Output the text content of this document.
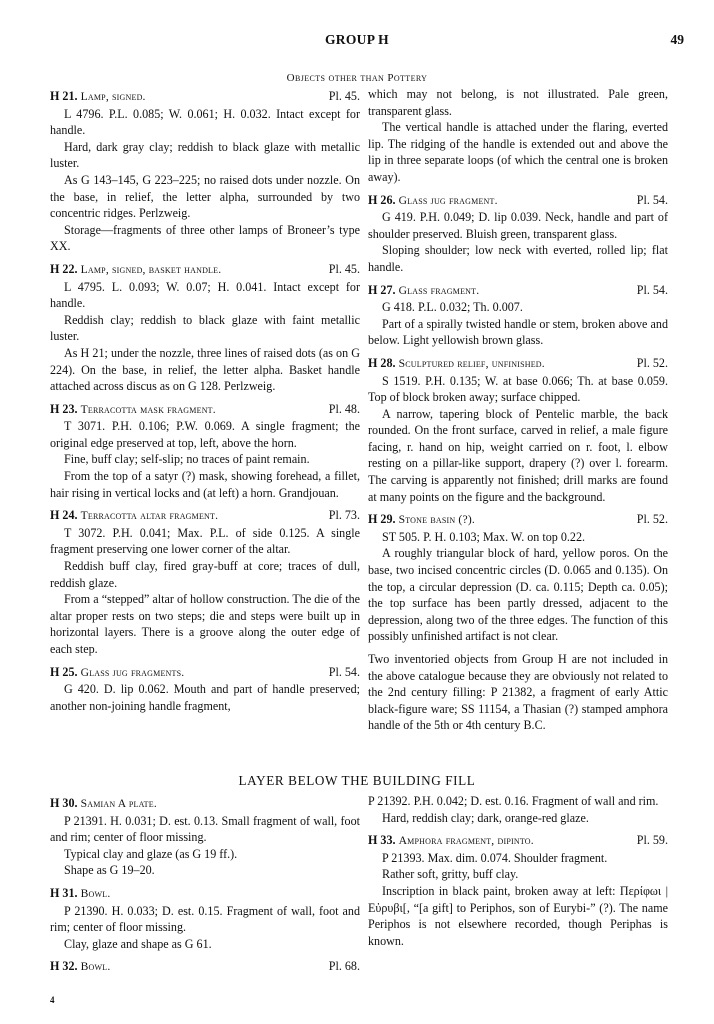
GROUP H	49
Objects other than Pottery
H 21. Lamp, signed.	Pl. 45.

L 4796. P.L. 0.085; W. 0.061; H. 0.032. Intact except for handle.

Hard, dark gray clay; reddish to black glaze with metallic luster.

As G 143–145, G 223–225; no raised dots under nozzle. On the base, in relief, the letter alpha, surrounded by two concentric ridges. Perlzweig.

Storage—fragments of three other lamps of Broneer’s type XX.

H 22. Lamp, signed, basket handle.	Pl. 45.

L 4795. L. 0.093; W. 0.07; H. 0.041. Intact except for handle.

Reddish clay; reddish to black glaze with faint metallic luster.

As H 21; under the nozzle, three lines of raised dots (as on G 224). On the base, in relief, the letter alpha. Basket handle attached across discus as on G 128. Perlzweig.

H 23. Terracotta mask fragment.	Pl. 48.

T 3071. P.H. 0.106; P.W. 0.069. A single fragment; the original edge preserved at top, left, above the horn.

Fine, buff clay; self-slip; no traces of paint remain.

From the top of a satyr (?) mask, showing forehead, a fillet, hair rising in vertical locks and (at left) a horn. Grandjouan.

H 24. Terracotta altar fragment.	Pl. 73.

T 3072. P.H. 0.041; Max. P.L. of side 0.125. A single fragment preserving one lower corner of the altar.

Reddish buff clay, fired gray-buff at core; traces of dull, reddish glaze.

From a “stepped” altar of hollow construction. The die of the altar proper rests on two steps; die and steps were built up in horizontal layers. There is a groove along the outer edge of each step.

H 25. Glass jug fragments.	Pl. 54.

G 420. D. lip 0.062. Mouth and part of handle preserved; another non-joining handle fragment,

which may not belong, is not illustrated. Pale green, transparent glass.

The vertical handle is attached under the flaring, everted lip. The ridging of the handle is extended out and above the lip in three separate loops (of which the central one is broken away).

H 26. Glass jug fragment.	Pl. 54.

G 419. P.H. 0.049; D. lip 0.039. Neck, handle and part of shoulder preserved. Bluish green, transparent glass.

Sloping shoulder; low neck with everted, rolled lip; flat handle.

H 27. Glass fragment.	Pl. 54.

G 418. P.L. 0.032; Th. 0.007.

Part of a spirally twisted handle or stem, broken above and below. Light yellowish brown glass.

H 28. Sculptured relief, unfinished.	Pl. 52.

S 1519. P.H. 0.135; W. at base 0.066; Th. at base 0.059. Top of block broken away; surface chipped.

A narrow, tapering block of Pentelic marble, the back rounded. On the front surface, carved in relief, a male figure facing, r. hand on hip, weight carried on r. foot, l. elbow resting on a pillar-like support, drapery (?) over l. forearm. The carving is apparently not finished; drill marks are found at many points on the figure and the background.

H 29. Stone basin (?).	Pl. 52.

ST 505. P. H. 0.103; Max. W. on top 0.22.

A roughly triangular block of hard, yellow poros. On the base, two incised concentric circles (D. 0.065 and 0.135). On the top, a circular depression (D. ca. 0.115; Depth ca. 0.05); the top surface has been partly dressed, adjacent to the depression, along two of the three edges. The function of this possibly unfinished artifact is not clear.

Two inventoried objects from Group H are not included in the above catalogue because they are obviously not related to the 2nd century filling: P 21382, a fragment of early Attic black-figure ware; SS 11154, a Thasian (?) stamped amphora handle of the 5th or 4th century B.C.

LAYER BELOW THE BUILDING FILL
H 30. Samian A plate.

P 21391. H. 0.031; D. est. 0.13. Small fragment of wall, foot and rim; center of floor missing.

Typical clay and glaze (as G 19 ff.).

Shape as G 19–20.

H 31. Bowl.

P 21390. H. 0.033; D. est. 0.15. Fragment of wall, foot and rim; center of floor missing.

Clay, glaze and shape as G 61.

H 32. Bowl.	Pl. 68.

P 21392. P.H. 0.042; D. est. 0.16. Fragment of wall and rim.

Hard, reddish clay; dark, orange-red glaze.

H 33. Amphora fragment, dipinto.	Pl. 59.

P 21393. Max. dim. 0.074. Shoulder fragment.

Rather soft, gritty, buff clay.

Inscription in black paint, broken away at left: Περίφωι | Εὐρυβι[, “[a gift] to Periphos, son of Eurybi-” (?). The name Periphos is not elsewhere recorded, though Periphas is known.

4
